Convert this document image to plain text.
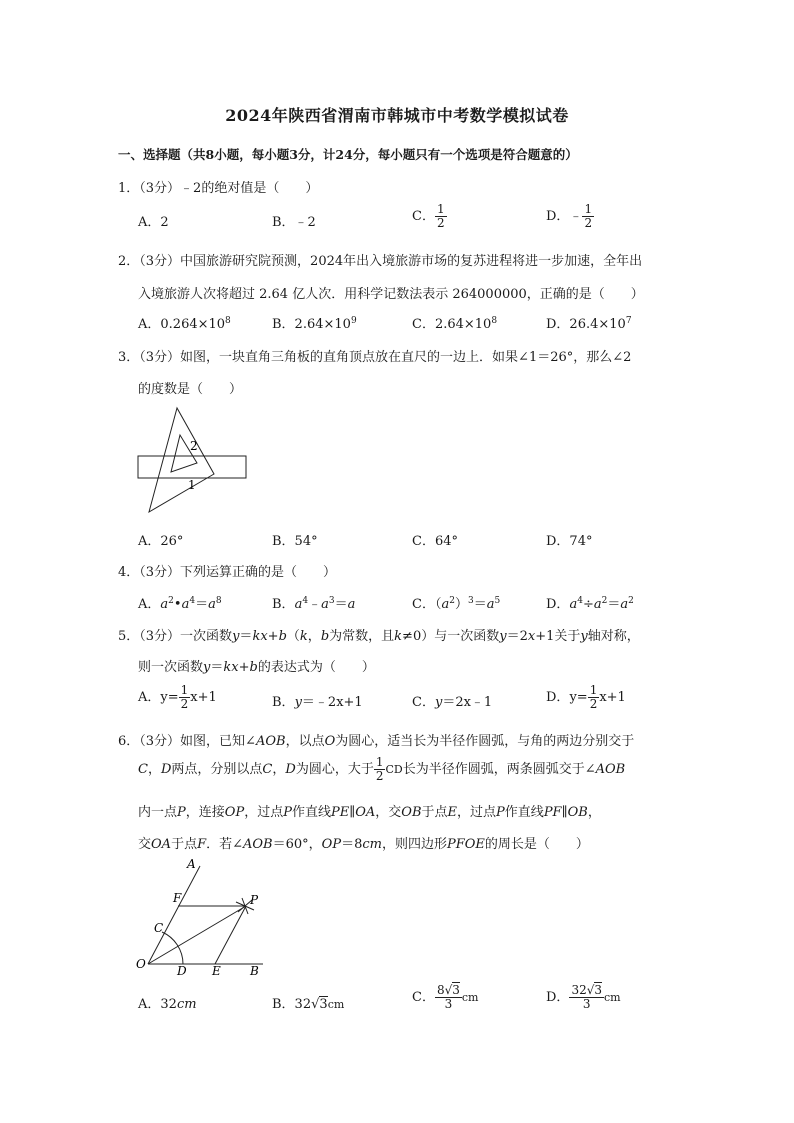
2024年陕西省渭南市韩城市中考数学模拟试卷
一、选择题（共8小题，每小题3分，计24分，每小题只有一个选项是符合题意的）
1．（3分）﹣2的绝对值是（　　）
A．2	B．﹣2	C． $\frac{1}{2}$	D．﹣ $\frac{1}{2}$
2．（3分）中国旅游研究院预测，2024年出入境旅游市场的复苏进程将进一步加速，全年出
入境旅游人次将超过 2.64 亿人次．用科学记数法表示 264000000，正确的是（　　）
A．$0.264\times 10^8$	B．$2.64\times 10^9$	C．$2.64\times 10^8$	D．$26.4\times 10^7$
3．（3分）如图，一块直角三角板的直角顶点放在直尺的一边上．如果∠1＝26°，那么∠2
的度数是（　　）
2
1
A．26°	B．54°	C．64°	D．74°
4．（3分）下列运算正确的是（　　）
A．$a^2•a^4=a^8$	B．$a^4﹣a^3=a$	C．$(a^2)^3=a^5$	D．$a^4\div a^2=a^2$
5．（3分）一次函数y＝kx+b（k，b为常数，且k≠0）与一次函数y＝2x+1关于y轴对称，
则一次函数y＝kx+b的表达式为（　　）
A．$y= \frac{1}{2} x+1$	B．y＝﹣2x+1	C．y＝2x﹣1	D．$y= \frac{1}{2} x+1$
6．（3分）如图，已知∠AOB，以点O为圆心，适当长为半径作圆弧，与角的两边分别交于
C，D两点，分别以点C，D为圆心，大于 $\frac{1}{2}$ CD长为半径作圆弧，两条圆弧交于∠AOB
内一点P，连接OP，过点P作直线PE∥OA，交OB于点E，过点P作直线PF∥OB，
交OA于点F．若∠AOB＝60°，OP＝8cm，则四边形PFOE的周长是（　　）
A
F	P
C
O	D E B
A．32cm	B．32√3cm	C． $\frac{8√3}{3}$ cm	D． $\frac{32√3}{3}$ cm
